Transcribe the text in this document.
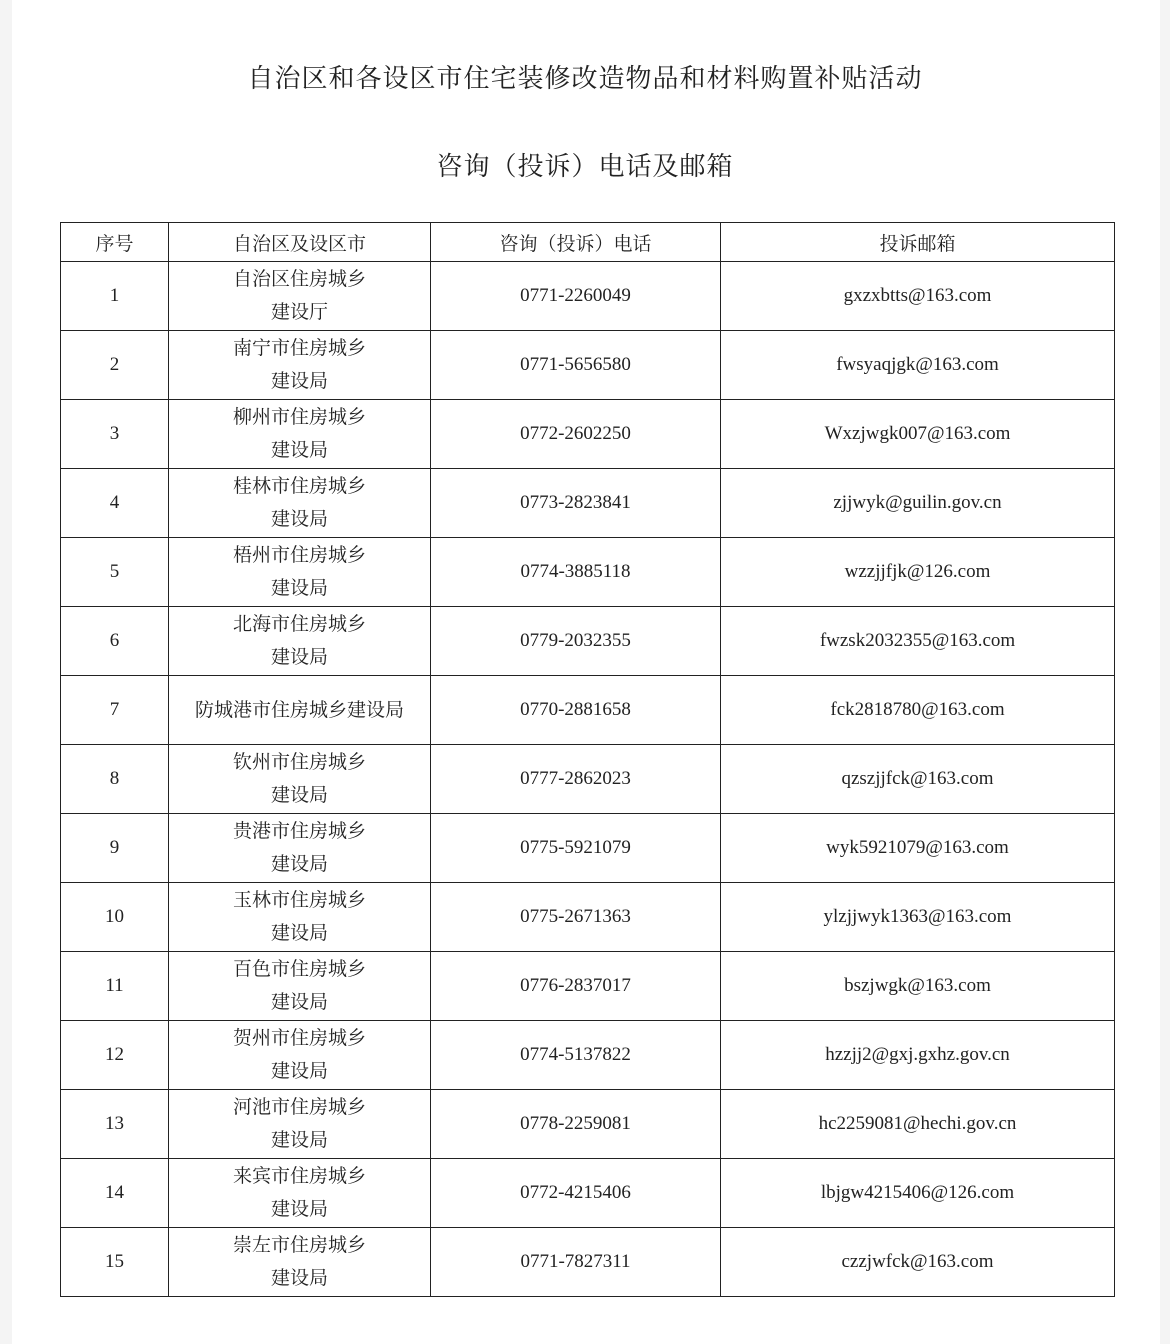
自治区和各设区市住宅装修改造物品和材料购置补贴活动
咨询（投诉）电话及邮箱
序号	自治区及设区市	咨询（投诉）电话	投诉邮箱
1	自治区住房城乡
建设厅	0771-2260049	gxzxbtts@163.com
2	南宁市住房城乡
建设局	0771-5656580	fwsyaqjgk@163.com
3	柳州市住房城乡
建设局	0772-2602250	Wxzjwgk007@163.com
4	桂林市住房城乡
建设局	0773-2823841	zjjwyk@guilin.gov.cn
5	梧州市住房城乡
建设局	0774-3885118	wzzjjfjk@126.com
6	北海市住房城乡
建设局	0779-2032355	fwzsk2032355@163.com
7	防城港市住房城乡建设局	0770-2881658	fck2818780@163.com
8	钦州市住房城乡
建设局	0777-2862023	qzszjjfck@163.com
9	贵港市住房城乡
建设局	0775-5921079	wyk5921079@163.com
10	玉林市住房城乡
建设局	0775-2671363	ylzjjwyk1363@163.com
11	百色市住房城乡
建设局	0776-2837017	bszjwgk@163.com
12	贺州市住房城乡
建设局	0774-5137822	hzzjj2@gxj.gxhz.gov.cn
13	河池市住房城乡
建设局	0778-2259081	hc2259081@hechi.gov.cn
14	来宾市住房城乡
建设局	0772-4215406	lbjgw4215406@126.com
15	崇左市住房城乡
建设局	0771-7827311	czzjwfck@163.com
